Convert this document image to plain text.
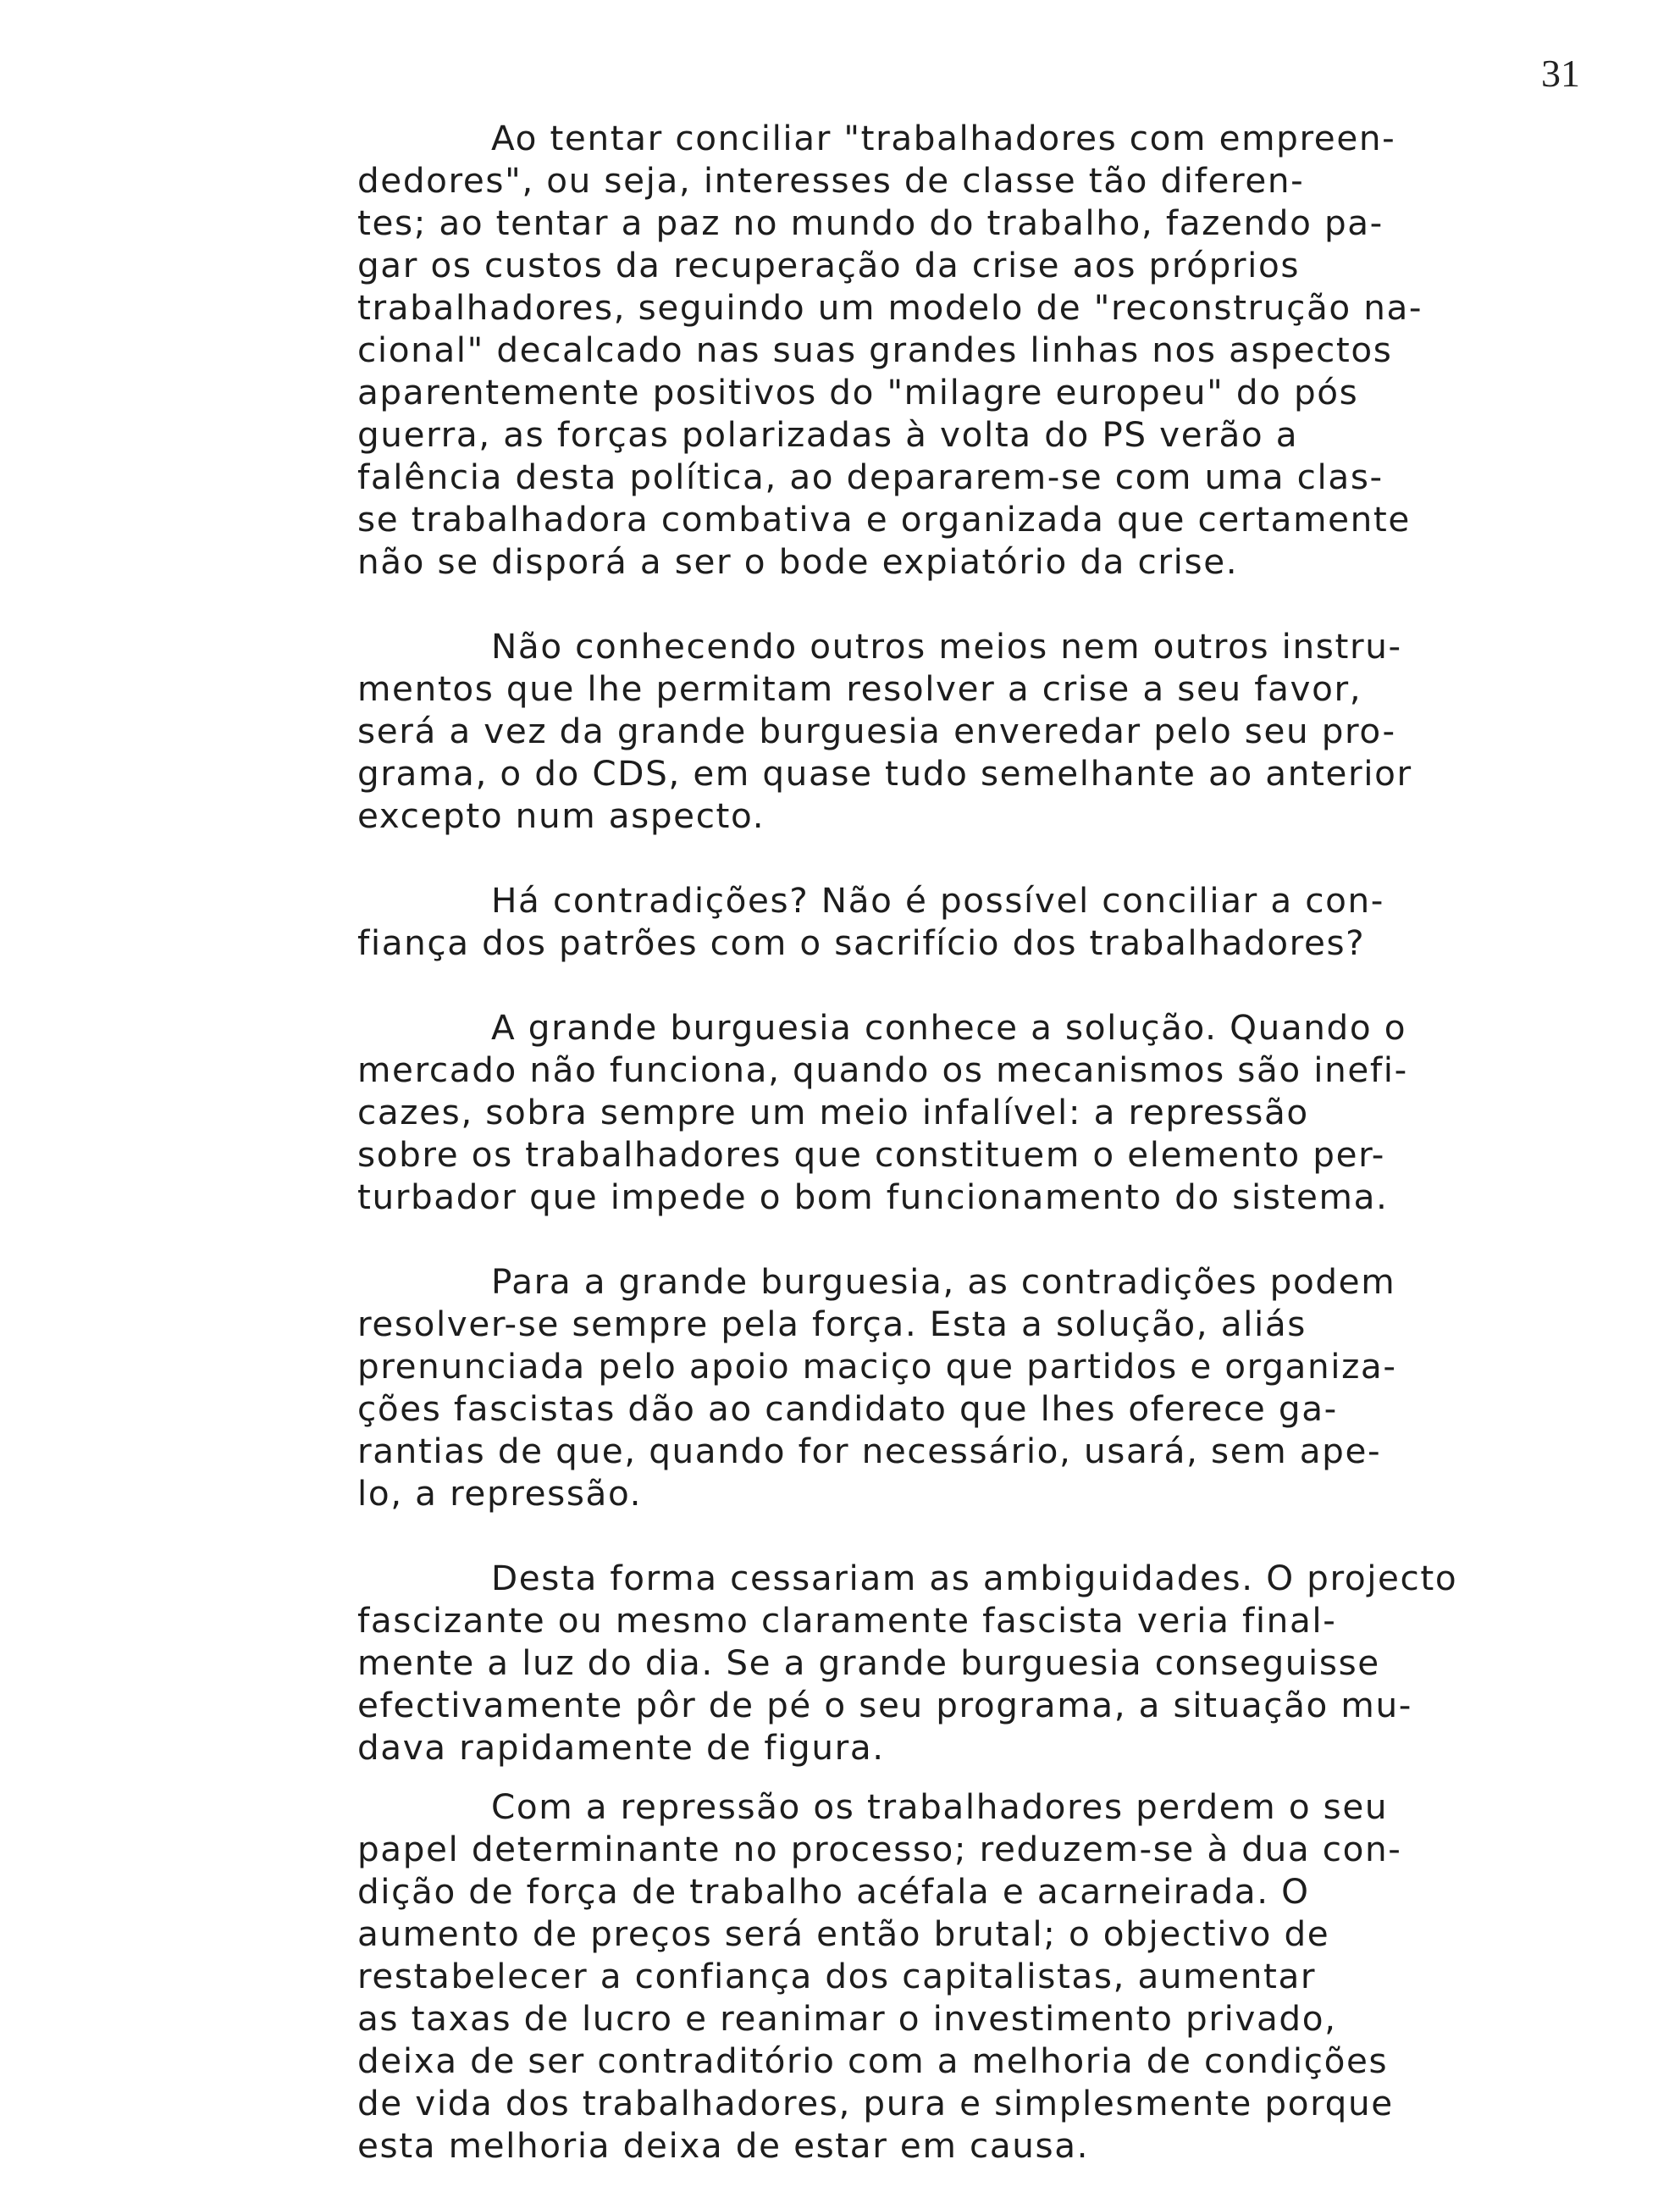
31
Ao tentar conciliar "trabalhadores com empreen-
dedores", ou seja, interesses de classe tão diferen-
tes; ao tentar a paz no mundo do trabalho, fazendo pa-
gar os custos da recuperação da crise aos próprios
trabalhadores, seguindo um modelo de "reconstrução na-
cional" decalcado nas suas grandes linhas nos aspectos
aparentemente positivos do "milagre europeu" do pós
guerra, as forças polarizadas à volta do PS verão a
falência desta política, ao depararem-se com uma clas-
se trabalhadora combativa e organizada que certamente
não se disporá a ser o bode expiatório da crise.
Não conhecendo outros meios nem outros instru-
mentos que lhe permitam resolver a crise a seu favor,
será a vez da grande burguesia enveredar pelo seu pro-
grama, o do CDS, em quase tudo semelhante ao anterior
excepto num aspecto.
Há contradições? Não é possível conciliar a con-
fiança dos patrões com o sacrifício dos trabalhadores?
A grande burguesia conhece a solução. Quando o
mercado não funciona, quando os mecanismos são inefi-
cazes, sobra sempre um meio infalível: a repressão
sobre os trabalhadores que constituem o elemento per-
turbador que impede o bom funcionamento do sistema.
Para a grande burguesia, as contradições podem
resolver-se sempre pela força. Esta a solução, aliás
prenunciada pelo apoio maciço que partidos e organiza-
ções fascistas dão ao candidato que lhes oferece ga-
rantias de que, quando for necessário, usará, sem ape-
lo, a repressão.
Desta forma cessariam as ambiguidades. O projecto
fascizante ou mesmo claramente fascista veria final-
mente a luz do dia. Se a grande burguesia conseguisse
efectivamente pôr de pé o seu programa, a situação mu-
dava rapidamente de figura.
Com a repressão os trabalhadores perdem o seu
papel determinante no processo; reduzem-se à dua con-
dição de força de trabalho acéfala e acarneirada. O
aumento de preços será então brutal; o objectivo de
restabelecer a confiança dos capitalistas, aumentar
as taxas de lucro e reanimar o investimento privado,
deixa de ser contraditório com a melhoria de condições
de vida dos trabalhadores, pura e simplesmente porque
esta melhoria deixa de estar em causa.
